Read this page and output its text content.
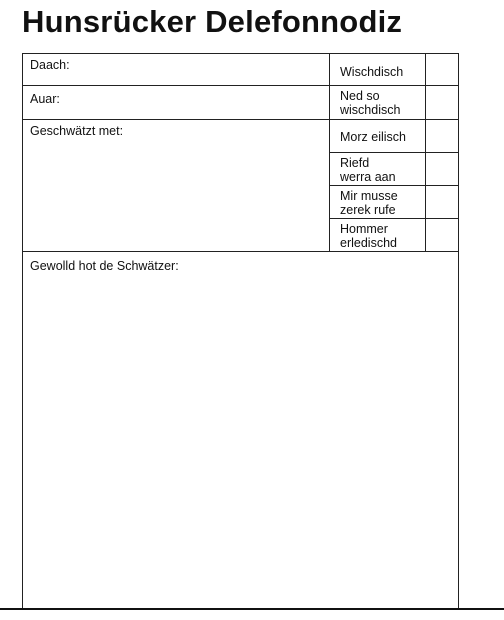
Hunsrücker Delefonnodiz
Daach:
Auar:
Geschwätzt met:
Gewolld hot de Schwätzer:
Wischdisch
Ned so
wischdisch
Morz eilisch
Riefd
werra aan
Mir musse
zerek rufe
Hommer
erledischd
